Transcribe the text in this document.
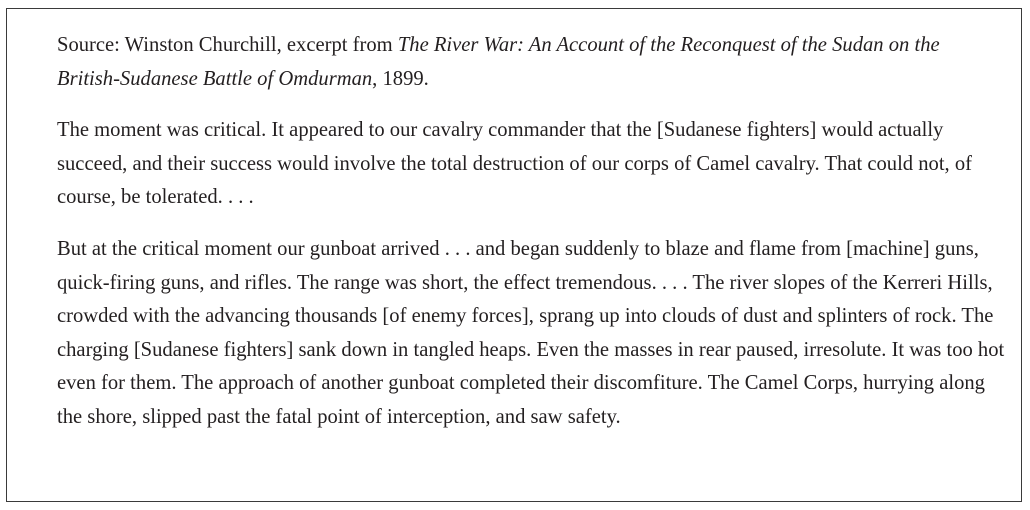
Source: Winston Churchill, excerpt from The River War: An Account of the Reconquest of the Sudan on the British-Sudanese Battle of Omdurman, 1899.

The moment was critical. It appeared to our cavalry commander that the [Sudanese fighters] would actually succeed, and their success would involve the total destruction of our corps of Camel cavalry. That could not, of course, be tolerated. . . .

But at the critical moment our gunboat arrived . . . and began suddenly to blaze and flame from [machine] guns, quick-firing guns, and rifles. The range was short, the effect tremendous. . . . The river slopes of the Kerreri Hills, crowded with the advancing thousands [of enemy forces], sprang up into clouds of dust and splinters of rock. The charging [Sudanese fighters] sank down in tangled heaps. Even the masses in rear paused, irresolute. It was too hot even for them. The approach of another gunboat completed their discomfiture. The Camel Corps, hurrying along the shore, slipped past the fatal point of interception, and saw safety.
